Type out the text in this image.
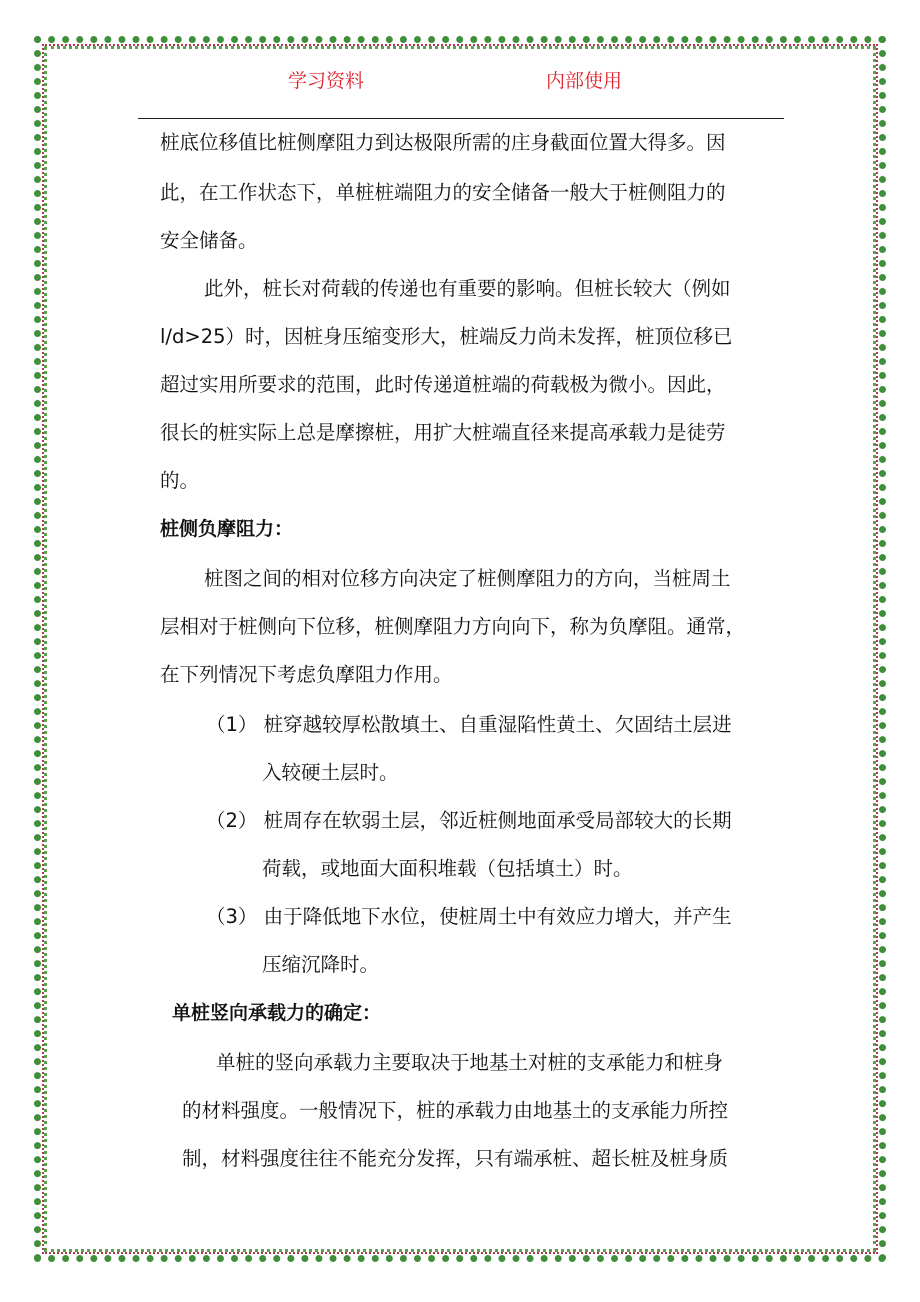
学习资料	内部使用
桩底位移值比桩侧摩阻力到达极限所需的庄身截面位置大得多。因
此，在工作状态下，单桩桩端阻力的安全储备一般大于桩侧阻力的
安全储备。
此外，桩长对荷载的传递也有重要的影响。但桩长较大（例如
l/d>25）时，因桩身压缩变形大，桩端反力尚未发挥，桩顶位移已
超过实用所要求的范围，此时传递道桩端的荷载极为微小。因此，
很长的桩实际上总是摩擦桩，用扩大桩端直径来提高承载力是徒劳
的。
桩侧负摩阻力：
桩图之间的相对位移方向决定了桩侧摩阻力的方向，当桩周土
层相对于桩侧向下位移，桩侧摩阻力方向向下，称为负摩阻。通常，
在下列情况下考虑负摩阻力作用。
（1） 桩穿越较厚松散填土、自重湿陷性黄土、欠固结土层进
入较硬土层时。
（2） 桩周存在软弱土层，邻近桩侧地面承受局部较大的长期
荷载，或地面大面积堆载（包括填土）时。
（3） 由于降低地下水位，使桩周土中有效应力增大，并产生
压缩沉降时。
单桩竖向承载力的确定：
单桩的竖向承载力主要取决于地基土对桩的支承能力和桩身
的材料强度。一般情况下，桩的承载力由地基土的支承能力所控
制，材料强度往往不能充分发挥，只有端承桩、超长桩及桩身质
